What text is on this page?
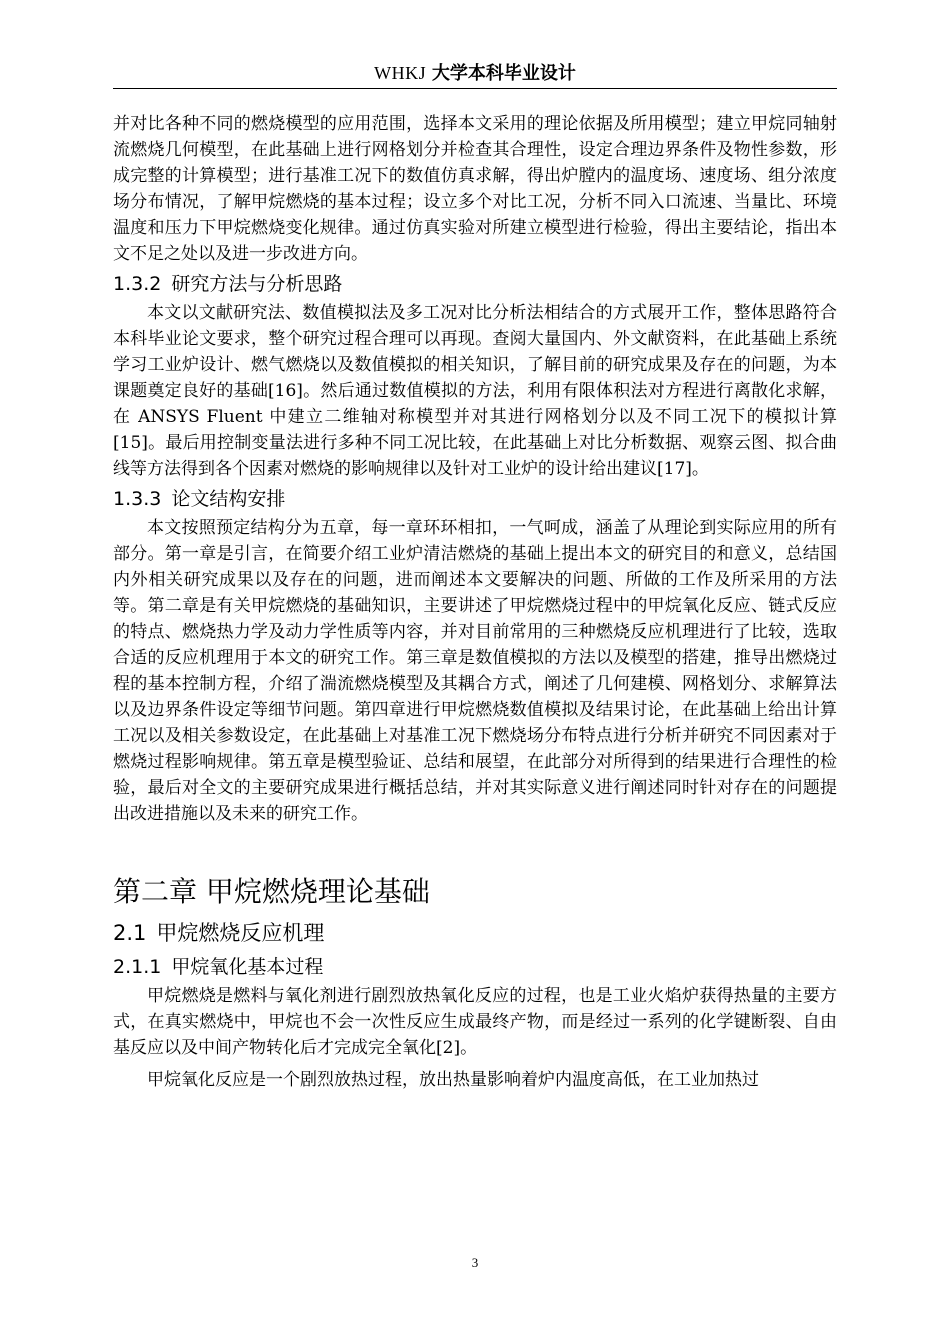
WHKJ 大学本科毕业设计

并对比各种不同的燃烧模型的应用范围，选择本文采用的理论依据及所用模型；建立甲烷同轴射流燃烧几何模型，在此基础上进行网格划分并检查其合理性，设定合理边界条件及物性参数，形成完整的计算模型；进行基准工况下的数值仿真求解，得出炉膛内的温度场、速度场、组分浓度场分布情况，了解甲烷燃烧的基本过程；设立多个对比工况，分析不同入口流速、当量比、环境温度和压力下甲烷燃烧变化规律。通过仿真实验对所建立模型进行检验，得出主要结论，指出本文不足之处以及进一步改进方向。

1.3.2 研究方法与分析思路

本文以文献研究法、数值模拟法及多工况对比分析法相结合的方式展开工作，整体思路符合本科毕业论文要求，整个研究过程合理可以再现。查阅大量国内、外文献资料，在此基础上系统学习工业炉设计、燃气燃烧以及数值模拟的相关知识，了解目前的研究成果及存在的问题，为本课题奠定良好的基础[16]。然后通过数值模拟的方法，利用有限体积法对方程进行离散化求解，在 ANSYS Fluent 中建立二维轴对称模型并对其进行网格划分以及不同工况下的模拟计算[15]。最后用控制变量法进行多种不同工况比较，在此基础上对比分析数据、观察云图、拟合曲线等方法得到各个因素对燃烧的影响规律以及针对工业炉的设计给出建议[17]。

1.3.3 论文结构安排

本文按照预定结构分为五章，每一章环环相扣，一气呵成，涵盖了从理论到实际应用的所有部分。第一章是引言，在简要介绍工业炉清洁燃烧的基础上提出本文的研究目的和意义，总结国内外相关研究成果以及存在的问题，进而阐述本文要解决的问题、所做的工作及所采用的方法等。第二章是有关甲烷燃烧的基础知识，主要讲述了甲烷燃烧过程中的甲烷氧化反应、链式反应的特点、燃烧热力学及动力学性质等内容，并对目前常用的三种燃烧反应机理进行了比较，选取合适的反应机理用于本文的研究工作。第三章是数值模拟的方法以及模型的搭建，推导出燃烧过程的基本控制方程，介绍了湍流燃烧模型及其耦合方式，阐述了几何建模、网格划分、求解算法以及边界条件设定等细节问题。第四章进行甲烷燃烧数值模拟及结果讨论，在此基础上给出计算工况以及相关参数设定，在此基础上对基准工况下燃烧场分布特点进行分析并研究不同因素对于燃烧过程影响规律。第五章是模型验证、总结和展望，在此部分对所得到的结果进行合理性的检验，最后对全文的主要研究成果进行概括总结，并对其实际意义进行阐述同时针对存在的问题提出改进措施以及未来的研究工作。

第二章 甲烷燃烧理论基础
2.1 甲烷燃烧反应机理
2.1.1 甲烷氧化基本过程

甲烷燃烧是燃料与氧化剂进行剧烈放热氧化反应的过程，也是工业火焰炉获得热量的主要方式，在真实燃烧中，甲烷也不会一次性反应生成最终产物，而是经过一系列的化学键断裂、自由基反应以及中间产物转化后才完成完全氧化[2]。

甲烷氧化反应是一个剧烈放热过程，放出热量影响着炉内温度高低，在工业加热过

3
